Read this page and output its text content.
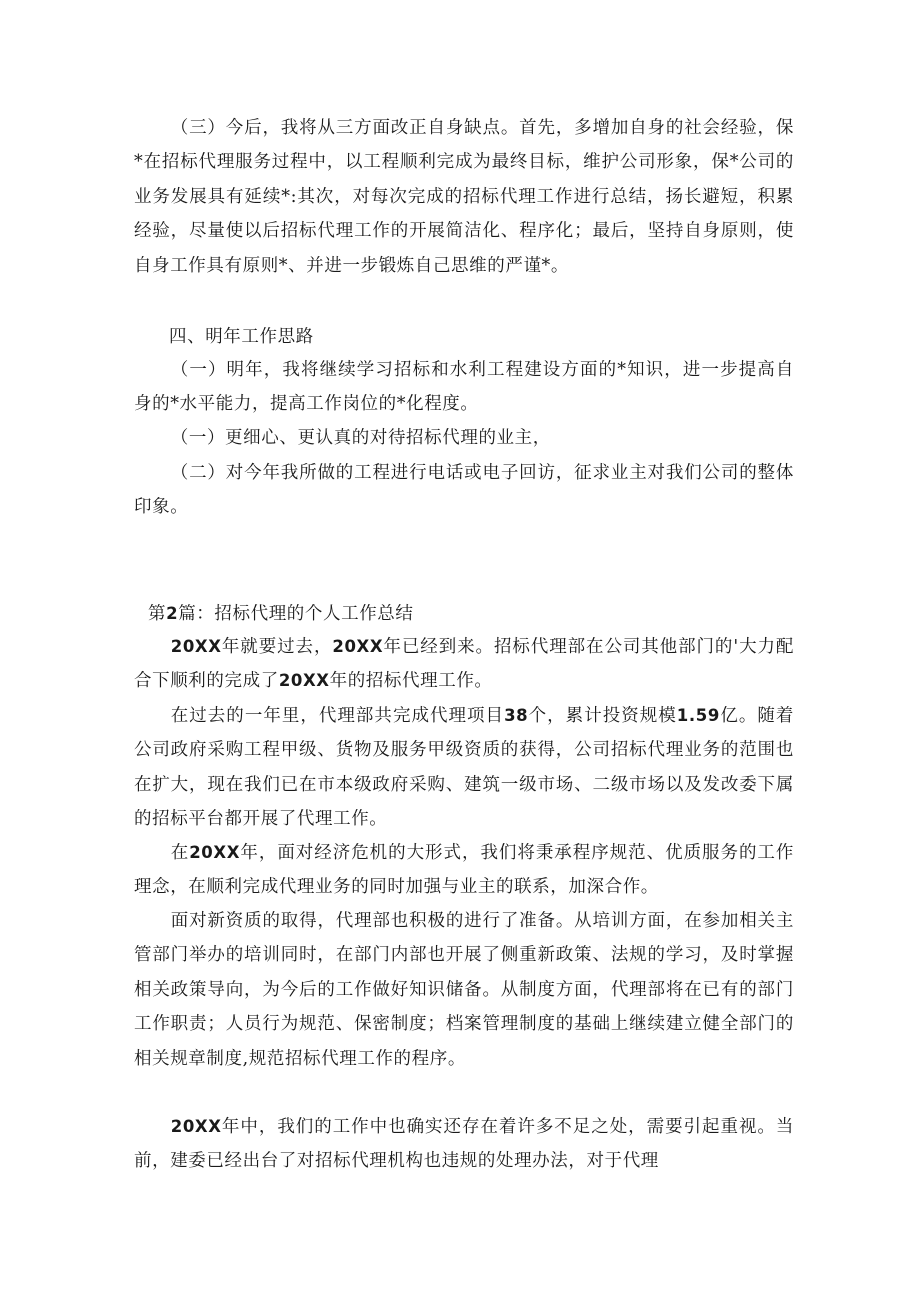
（三）今后，我将从三方面改正自身缺点。首先，多增加自身的社会经验，保*在招标代理服务过程中，以工程顺利完成为最终目标，维护公司形象，保*公司的业务发展具有延续*:其次，对每次完成的招标代理工作进行总结，扬长避短，积累经验，尽量使以后招标代理工作的开展简洁化、程序化；最后，坚持自身原则，使自身工作具有原则*、并进一步锻炼自己思维的严谨*。

四、明年工作思路

（一）明年，我将继续学习招标和水利工程建设方面的*知识，进一步提高自身的*水平能力，提高工作岗位的*化程度。

（一）更细心、更认真的对待招标代理的业主，

（二）对今年我所做的工程进行电话或电子回访，征求业主对我们公司的整体印象。

第2篇：招标代理的个人工作总结

20XX年就要过去，20XX年已经到来。招标代理部在公司其他部门的'大力配合下顺利的完成了20XX年的招标代理工作。

在过去的一年里，代理部共完成代理项目38个，累计投资规模1.59亿。随着公司政府采购工程甲级、货物及服务甲级资质的获得，公司招标代理业务的范围也在扩大，现在我们已在市本级政府采购、建筑一级市场、二级市场以及发改委下属的招标平台都开展了代理工作。

在20XX年，面对经济危机的大形式，我们将秉承程序规范、优质服务的工作理念，在顺利完成代理业务的同时加强与业主的联系，加深合作。

面对新资质的取得，代理部也积极的进行了准备。从培训方面，在参加相关主管部门举办的培训同时，在部门内部也开展了侧重新政策、法规的学习，及时掌握相关政策导向，为今后的工作做好知识储备。从制度方面，代理部将在已有的部门工作职责；人员行为规范、保密制度；档案管理制度的基础上继续建立健全部门的相关规章制度,规范招标代理工作的程序。

20XX年中，我们的工作中也确实还存在着许多不足之处，需要引起重视。当前，建委已经出台了对招标代理机构也违规的处理办法，对于代理
